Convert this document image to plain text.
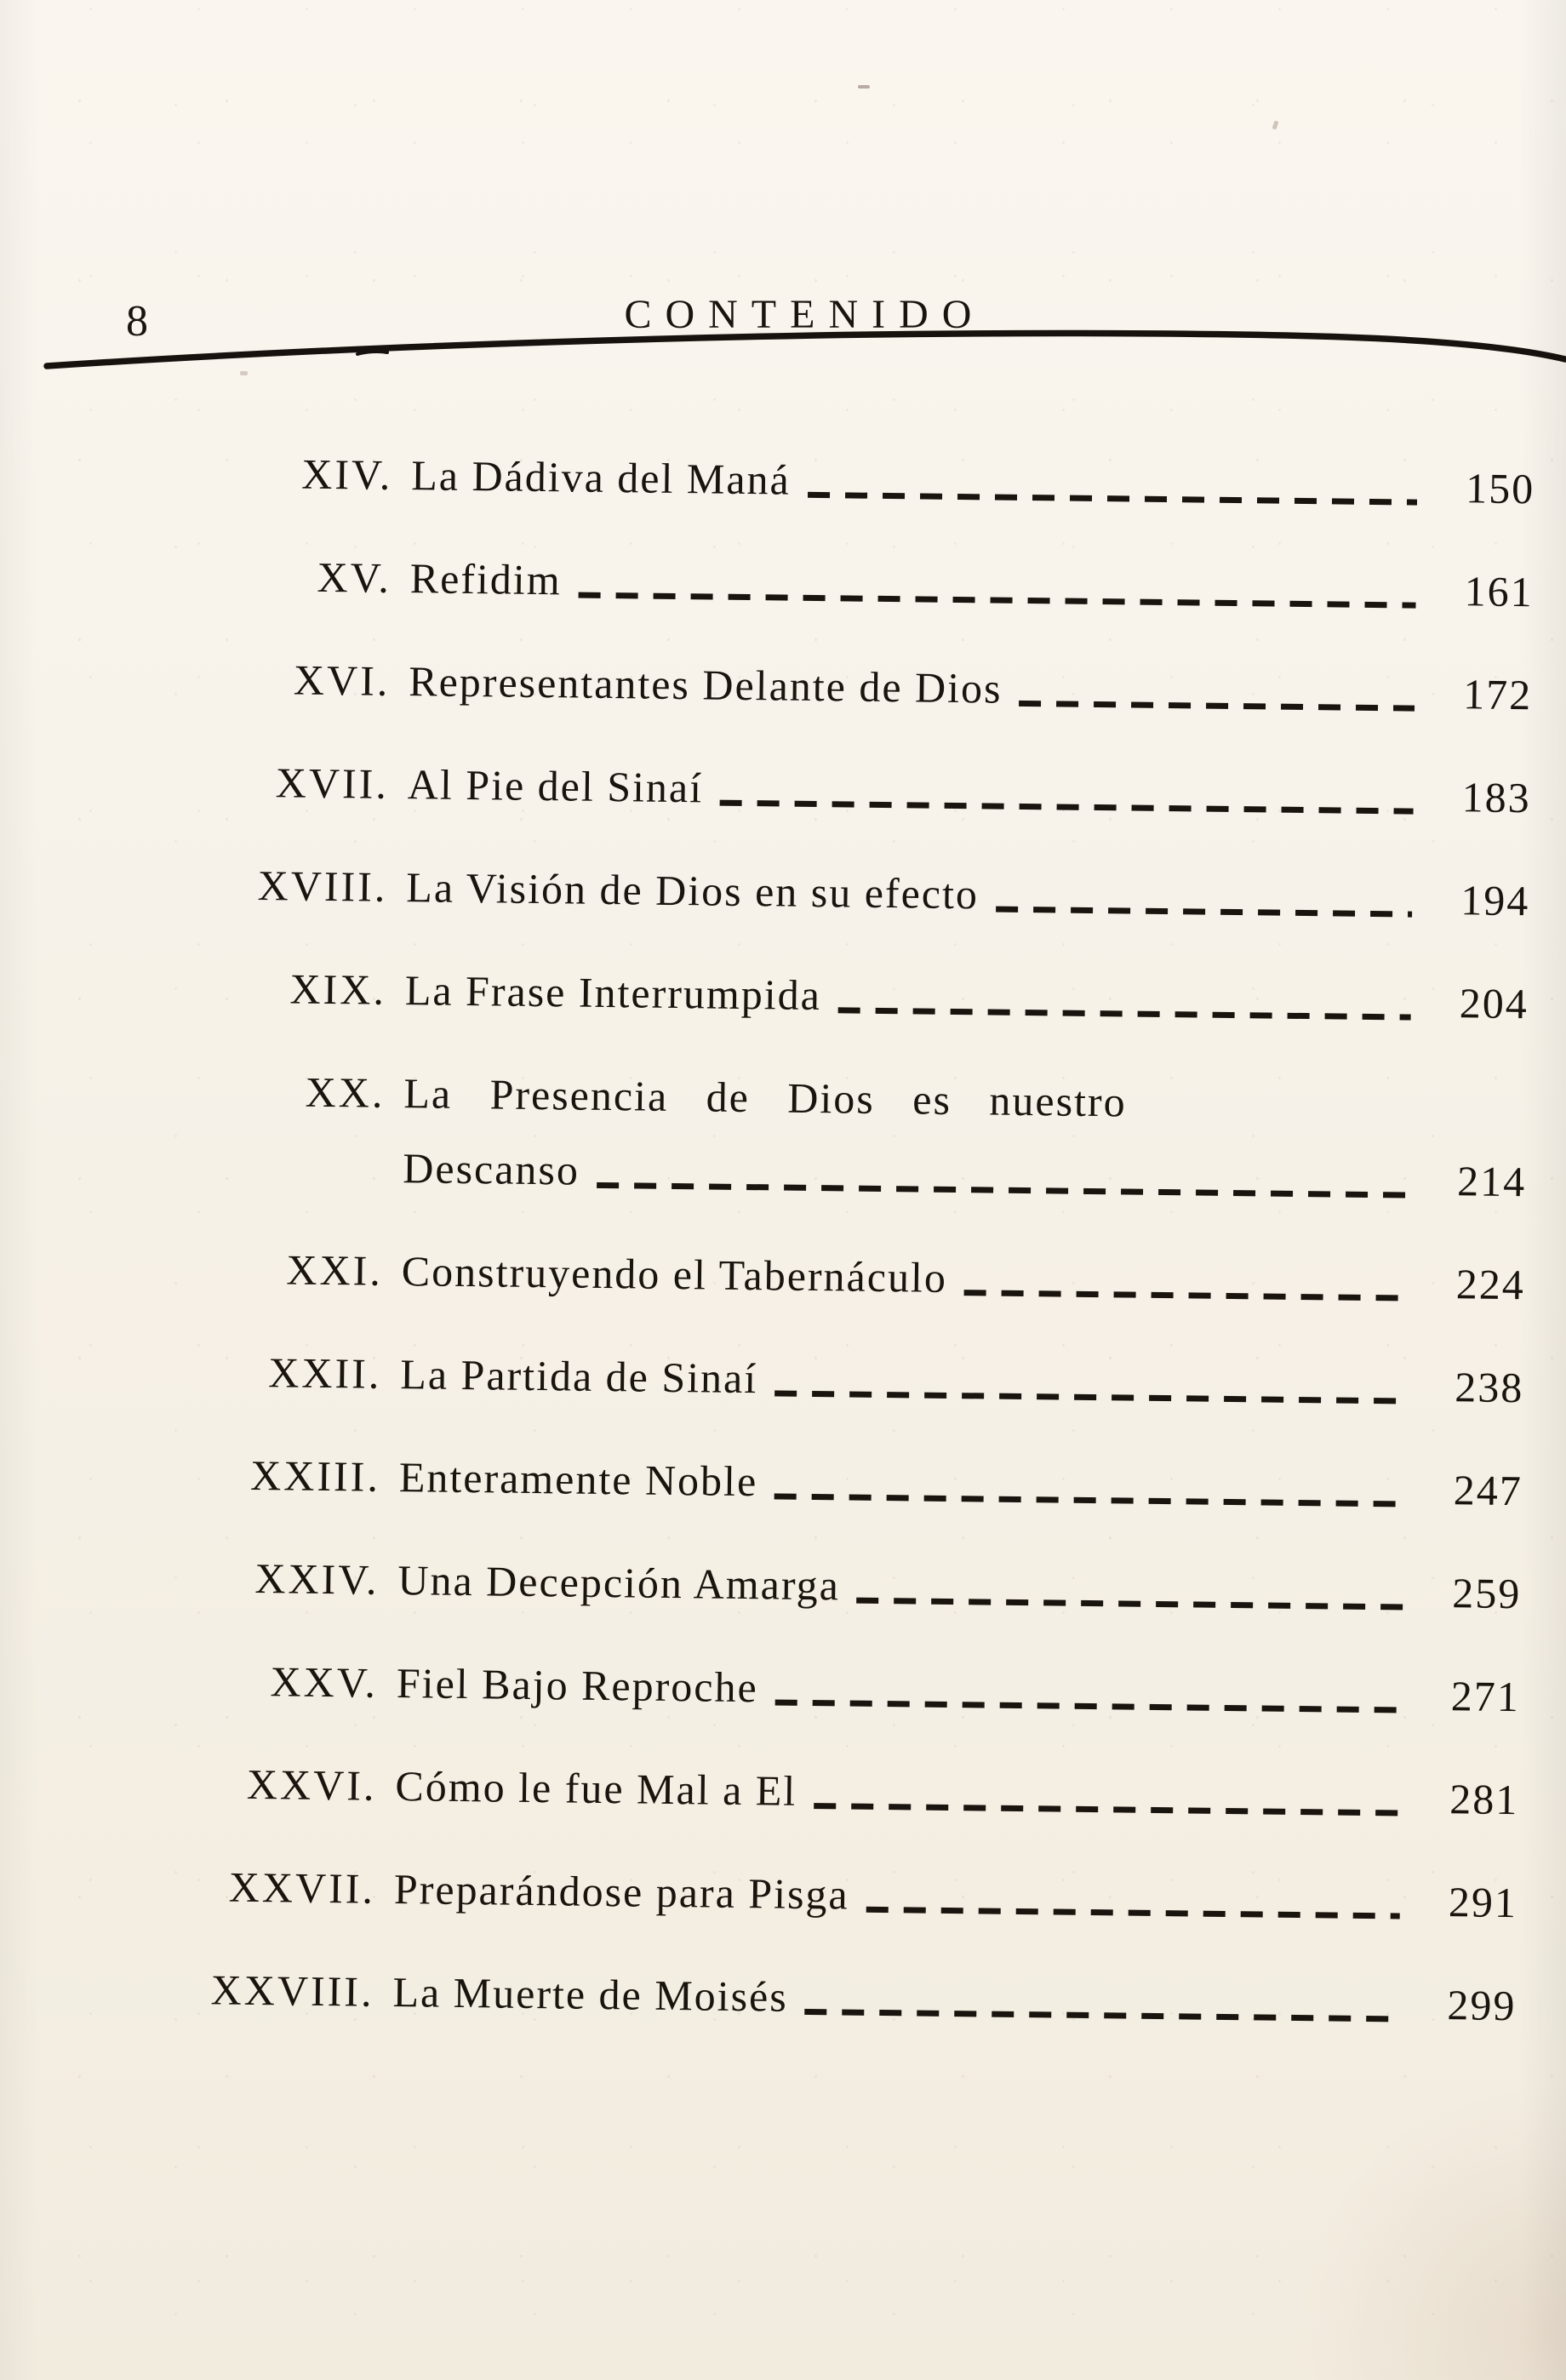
8	CONTENIDO
XIV. La Dádiva del Maná	150
XV. Refidim	161
XVI. Representantes Delante de Dios	172
XVII. Al Pie del Sinaí	183
XVIII. La Visión de Dios en su efecto	194
XIX. La Frase Interrumpida	204
XX. La Presencia de Dios es nuestro
Descanso	214
XXI. Construyendo el Tabernáculo	224
XXII. La Partida de Sinaí	238
XXIII. Enteramente Noble	247
XXIV. Una Decepción Amarga	259
XXV. Fiel Bajo Reproche	271
XXVI. Cómo le fue Mal a El	281
XXVII. Preparándose para Pisga	291
XXVIII. La Muerte de Moisés	299
